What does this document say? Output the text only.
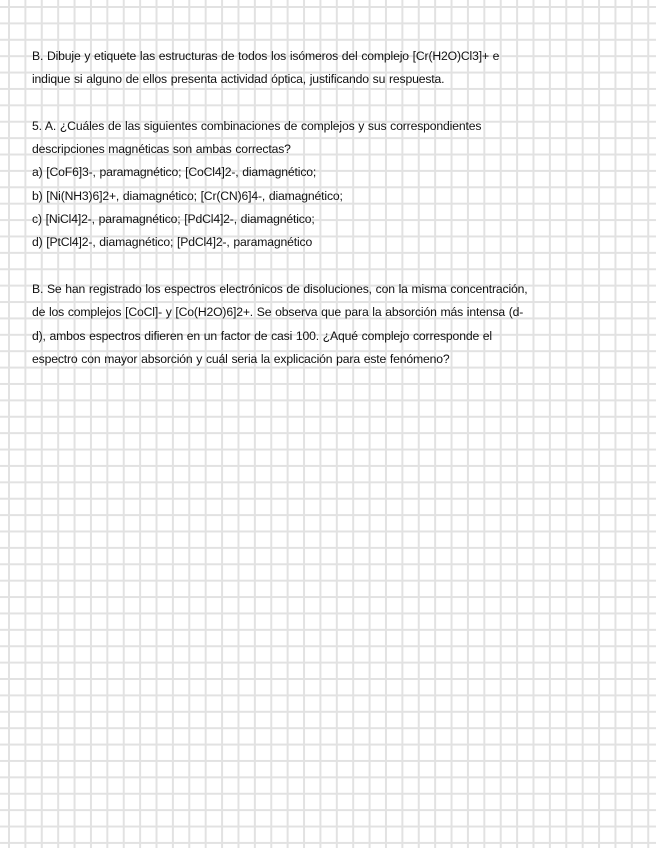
B. Dibuje y etiquete las estructuras de todos los isómeros del complejo [Cr(H2O)Cl3]+ e
indique si alguno de ellos presenta actividad óptica, justificando su respuesta.
5. A. ¿Cuáles de las siguientes combinaciones de complejos y sus correspondientes
descripciones magnéticas son ambas correctas?
a) [CoF6]3-, paramagnético; [CoCl4]2-, diamagnético;
b) [Ni(NH3)6]2+, diamagnético; [Cr(CN)6]4-, diamagnético;
c) [NiCl4]2-, paramagnético; [PdCl4]2-, diamagnético;
d) [PtCl4]2-, diamagnético; [PdCl4]2-, paramagnético
B. Se han registrado los espectros electrónicos de disoluciones, con la misma concentración,
de los complejos [CoCl]- y [Co(H2O)6]2+. Se observa que para la absorción más intensa (d-
d), ambos espectros difieren en un factor de casi 100. ¿Aqué complejo corresponde el
espectro con mayor absorción y cuál seria la explicación para este fenómeno?
